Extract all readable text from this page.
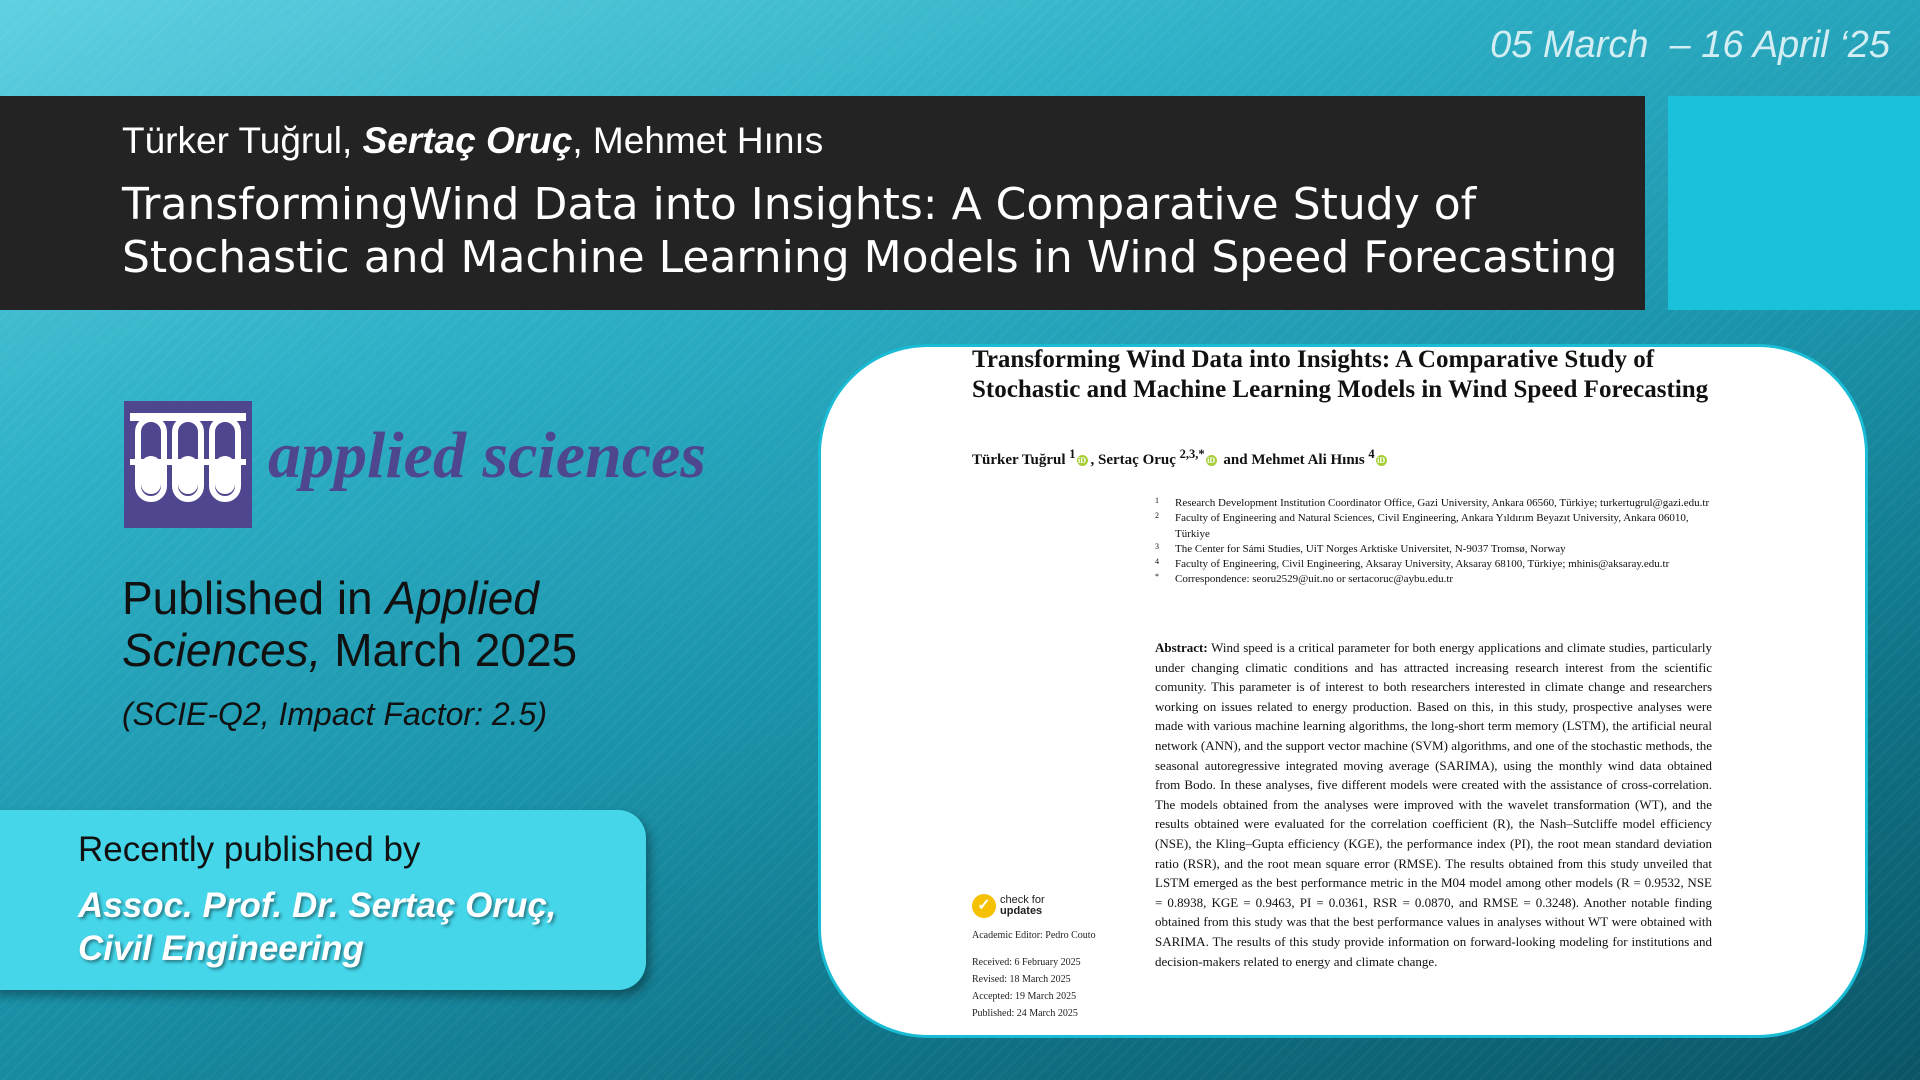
05 March  – 16 April ‘25
Türker Tuğrul, Sertaç Oruç, Mehmet Hınıs
TransformingWind Data into Insights: A Comparative Study of Stochastic and Machine Learning Models in Wind Speed Forecasting
applied sciences
Published in Applied Sciences, March 2025
(SCIE-Q2, Impact Factor: 2.5)
Recently published by
Assoc. Prof. Dr. Sertaç Oruç, Civil Engineering
Transforming Wind Data into Insights: A Comparative Study of Stochastic and Machine Learning Models in Wind Speed Forecasting
Türker Tuğrul $^1$ iD , Sertaç Oruç $^{2,3,*}$ iD and Mehmet Ali Hınıs $^4$ iD
1 Research Development Institution Coordinator Office, Gazi University, Ankara 06560, Türkiye; turkertugrul@gazi.edu.tr
2 Faculty of Engineering and Natural Sciences, Civil Engineering, Ankara Yıldırım Beyazıt University, Ankara 06010, Türkiye
3 The Center for Sámi Studies, UiT Norges Arktiske Universitet, N-9037 Tromsø, Norway
4 Faculty of Engineering, Civil Engineering, Aksaray University, Aksaray 68100, Türkiye; mhinis@aksaray.edu.tr
* Correspondence: seoru2529@uit.no or sertacoruc@aybu.edu.tr
Abstract: Wind speed is a critical parameter for both energy applications and climate studies, particularly under changing climatic conditions and has attracted increasing research interest from the scientific comunity. This parameter is of interest to both researchers interested in climate change and researchers working on issues related to energy production. Based on this, in this study, prospective analyses were made with various machine learning algorithms, the long-short term memory (LSTM), the artificial neural network (ANN), and the support vector machine (SVM) algorithms, and one of the stochastic methods, the seasonal autoregressive integrated moving average (SARIMA), using the monthly wind data obtained from Bodo. In these analyses, five different models were created with the assistance of cross-correlation. The models obtained from the analyses were improved with the wavelet transformation (WT), and the results obtained were evaluated for the correlation coefficient (R), the Nash–Sutcliffe model efficiency (NSE), the Kling–Gupta efficiency (KGE), the performance index (PI), the root mean standard deviation ratio (RSR), and the root mean square error (RMSE). The results obtained from this study unveiled that LSTM emerged as the best performance metric in the M04 model among other models (R = 0.9532, NSE = 0.8938, KGE = 0.9463, PI = 0.0361, RSR = 0.0870, and RMSE = 0.3248). Another notable finding obtained from this study was that the best performance values in analyses without WT were obtained with SARIMA. The results of this study provide information on forward-looking modeling for institutions and decision-makers related to energy and climate change.
✓ check for
updates
Academic Editor: Pedro Couto
Received: 6 February 2025
Revised: 18 March 2025
Accepted: 19 March 2025
Published: 24 March 2025
